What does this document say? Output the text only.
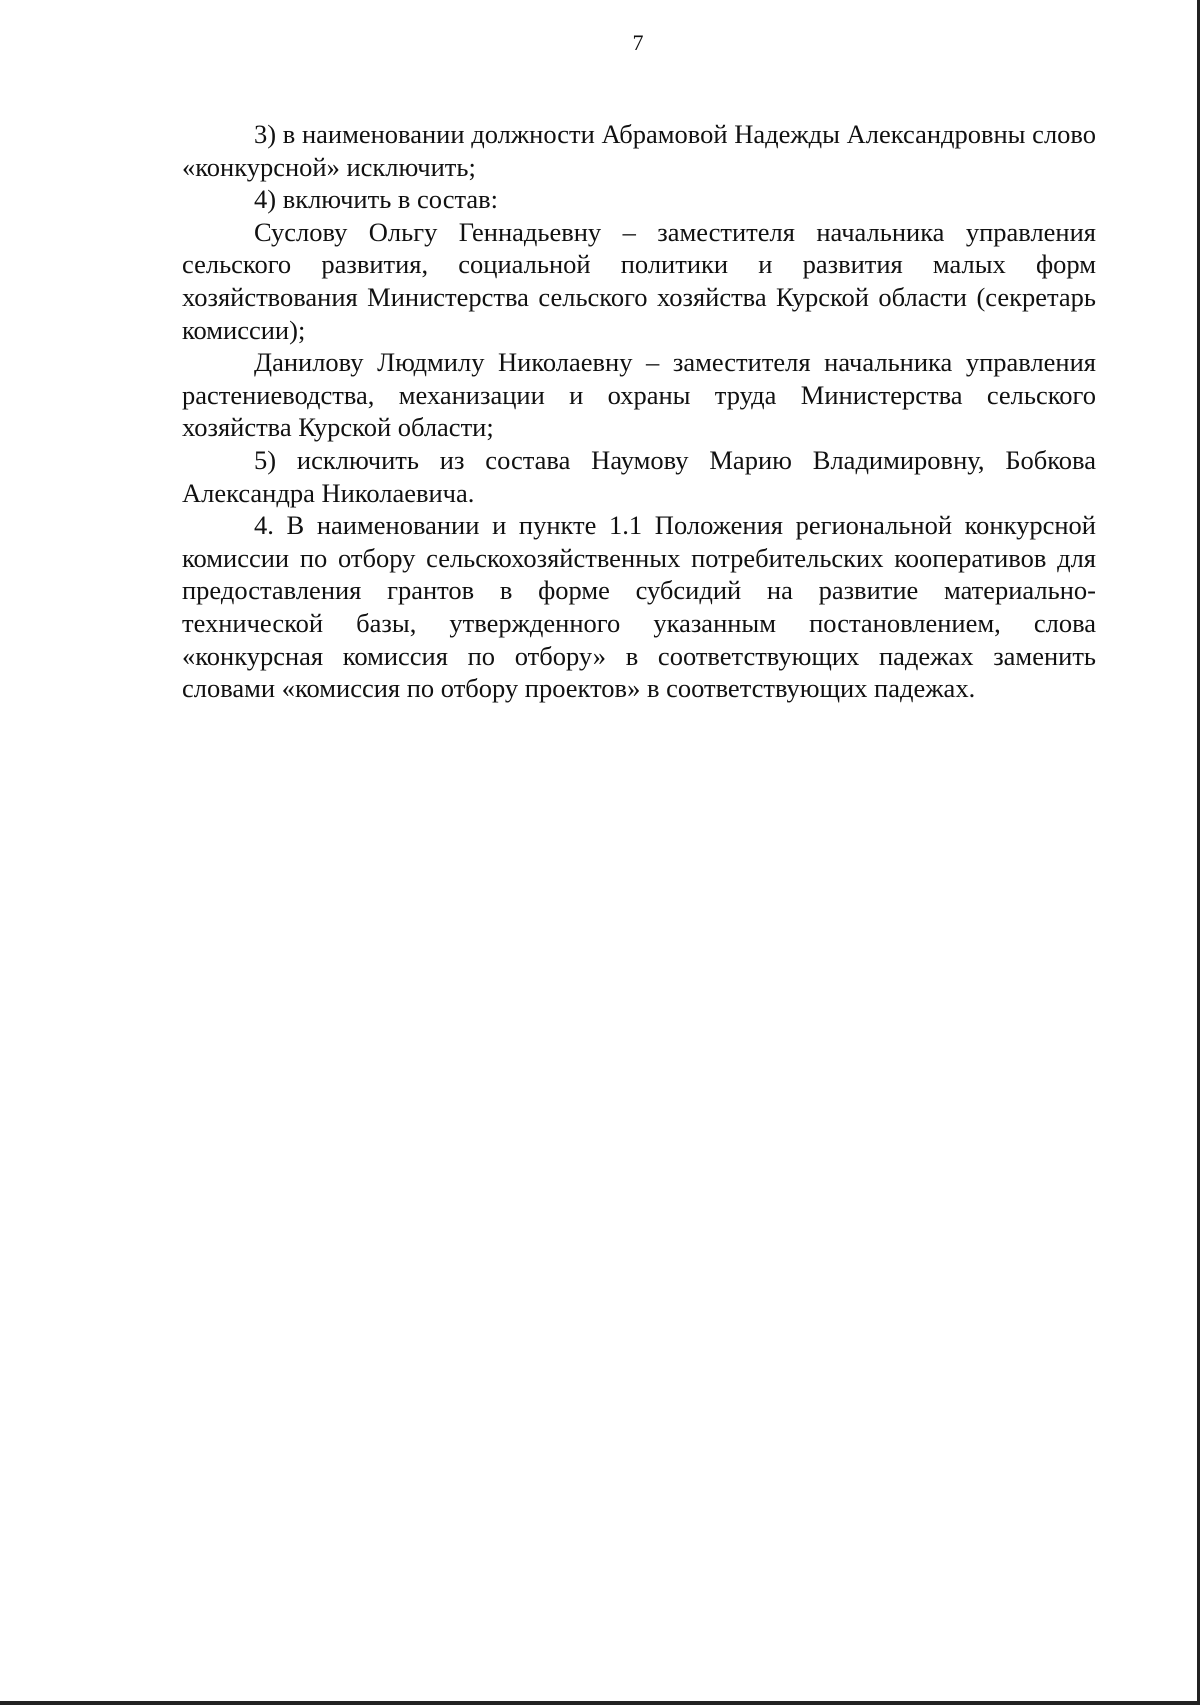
7

3) в наименовании должности Абрамовой Надежды Александровны слово «конкурсной» исключить;

4) включить в состав:

Суслову Ольгу Геннадьевну – заместителя начальника управления сельского развития, социальной политики и развития малых форм хозяйствования Министерства сельского хозяйства Курской области (секретарь комиссии);

Данилову Людмилу Николаевну – заместителя начальника управления растениеводства, механизации и охраны труда Министерства сельского хозяйства Курской области;

5) исключить из состава Наумову Марию Владимировну, Бобкова Александра Николаевича.

4. В наименовании и пункте 1.1 Положения региональной конкурсной комиссии по отбору сельскохозяйственных потребительских кооперативов для предоставления грантов в форме субсидий на развитие материально-технической базы, утвержденного указанным постановлением, слова «конкурсная комиссия по отбору» в соответствующих падежах заменить словами «комиссия по отбору проектов» в соответствующих падежах.
